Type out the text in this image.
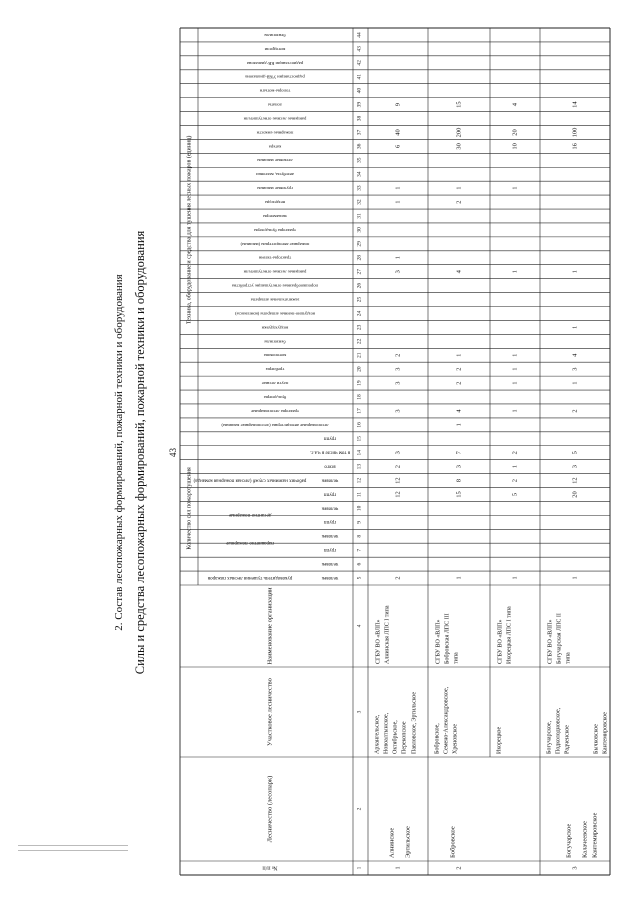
43
2. Состав лесопожарных формирований, пожарной техники и оборудования Силы и средства лесопожарных формирований, пожарной техники и оборудования	Количество сил пожаротушения
Техника, оборудование и средства для тушения лесных пожаров (единиц)
№ п/п
Лесничество (лесопарк)
Участковое лесничество
Наименование организации
человек
человек
групп
человек
групп
человек
групп
человек
всего
в том числе в ч.а.с.
групп
руководитель тушения лесных пожаров
парашютно-пожарные
десантно-пожарные
рабочих наземных служб (лесная пожарная команда)
лесопожарные автоцистерны (лесопожарные машины)
тракторы лесопожарные
бульдозеры
плуги лесные
трейлеры
мотопомпы
бензопилы
воздуходувки
воздушно-пенные аппараты (комплексы)
зажигательные аппараты
порошкообразные огнетушащие устройства
ранцевые лесные огнетушители
тракторы-тягачи
пожарные автоцистерны (машины)
тракторы бульдозеры
экскаваторы
вездеходы
грузовые машины
автобусы, вахтовки
легковые машины
катера
пожарные емкости
ранцевые лесные огнетушители
лопаты
топоры-мотыги
радиостанции УКВ-диапазона
радиостанции КВ-диапазона
мотодрели
бензопилы
1
2
3
4
5
6
7
8
9
10
11
12
13
14
15
16
17
18
19
20
21
22
23
24
25
26
27
28
29
30
31
32
33
34
35
36
37
38
39
40
41
42
43
44
1
Алнинское Эртильское
Архангельское, Новоалтынское, Октябрьское, Перекопское Павловское, Эртильское
СГБУ ВО «ВЛП» Алнинская ЛПС I типа
2
12
12
2
3
3
3
3
2
1
3
1
1
6
40
9
2
Бобровское
Бобровское, Семено-Александровское, Хреновское
СГБУ ВО «ВЛП» Бобровская ЛПС III типа
1
15
8
3
7
1
4
2
2
1
4
2
1
30
200
15
Икорецкое
СГБУ ВО «ВЛП» Икорецкая ЛПС I типа
1
5
2
1
2
1
1
1
1
1
1
10
20
4
3
Богучарское Калачеевское Кантемировское
Богучарское, Подколодновское, Радченское	Бычковское Кантемировское
СГБУ ВО «ВЛП» Богучарская ЛПС II типа
1
20
12
3
5
2
1
3
4
1
1
16
100
14
